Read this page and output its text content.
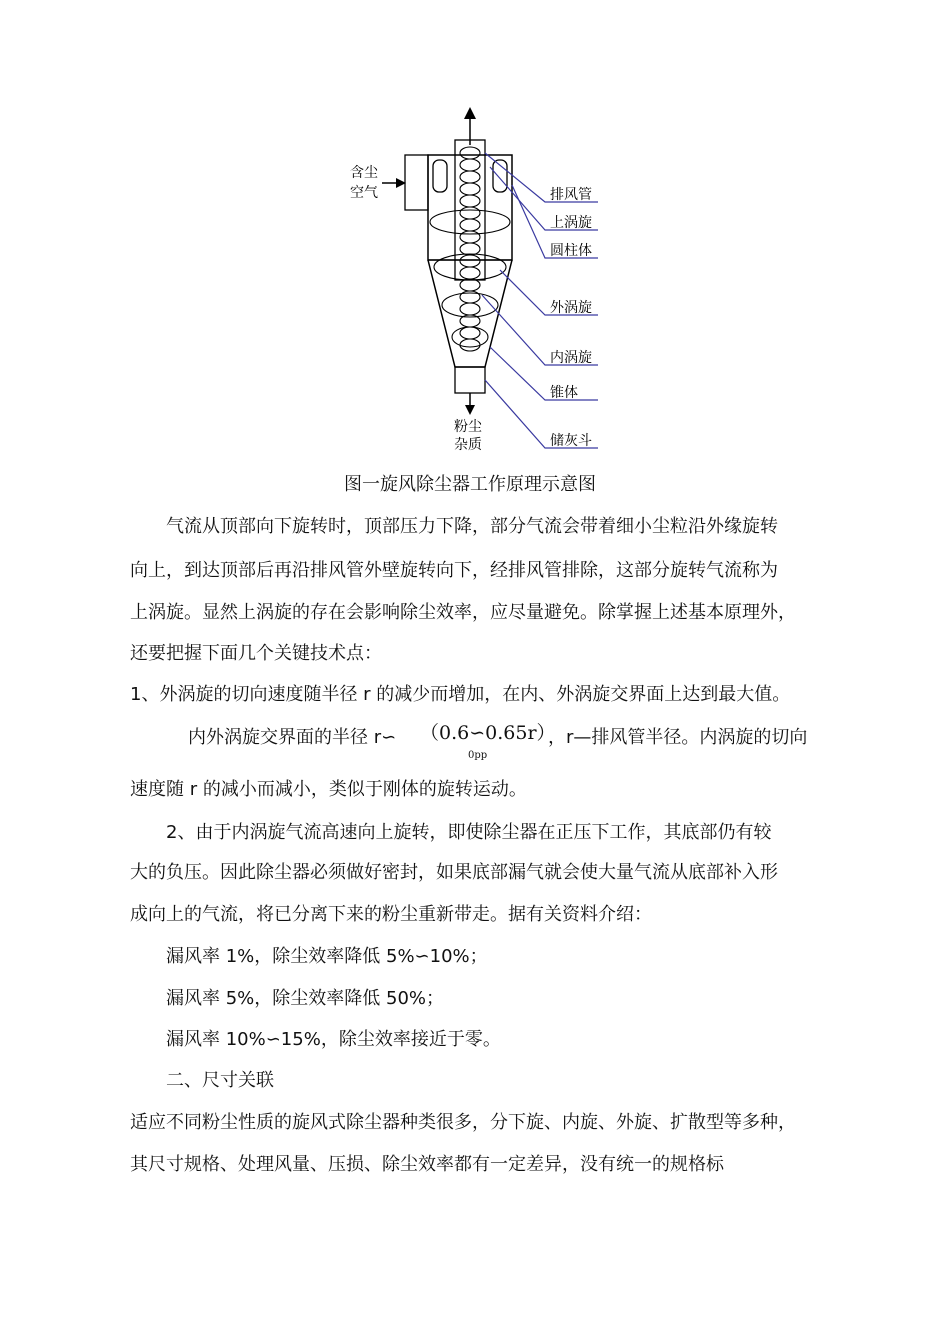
含尘
空气
粉尘
杂质
排风管
上涡旋
圆柱体
外涡旋
内涡旋
锥体
储灰斗
图一旋风除尘器工作原理示意图
气流从顶部向下旋转时，顶部压力下降，部分气流会带着细小尘粒沿外缘旋转
向上，到达顶部后再沿排风管外壁旋转向下，经排风管排除，这部分旋转气流称为
上涡旋。显然上涡旋的存在会影响除尘效率，应尽量避免。除掌握上述基本原理外，
还要把握下面几个关键技术点：
1、外涡旋的切向速度随半径 r 的减少而增加，在内、外涡旋交界面上达到最大值。
内外涡旋交界面的半径 r∽ （0.6∽0.65r）
0pp
，r—排风管半径。内涡旋的切向
速度随 r 的减小而减小，类似于刚体的旋转运动。
2、由于内涡旋气流高速向上旋转，即使除尘器在正压下工作，其底部仍有较
大的负压。因此除尘器必须做好密封，如果底部漏气就会使大量气流从底部补入形
成向上的气流，将已分离下来的粉尘重新带走。据有关资料介绍：
漏风率 1%，除尘效率降低 5%∽10%；
漏风率 5%，除尘效率降低 50%；
漏风率 10%∽15%，除尘效率接近于零。
二、尺寸关联
适应不同粉尘性质的旋风式除尘器种类很多，分下旋、内旋、外旋、扩散型等多种，
其尺寸规格、处理风量、压损、除尘效率都有一定差异，没有统一的规格标
